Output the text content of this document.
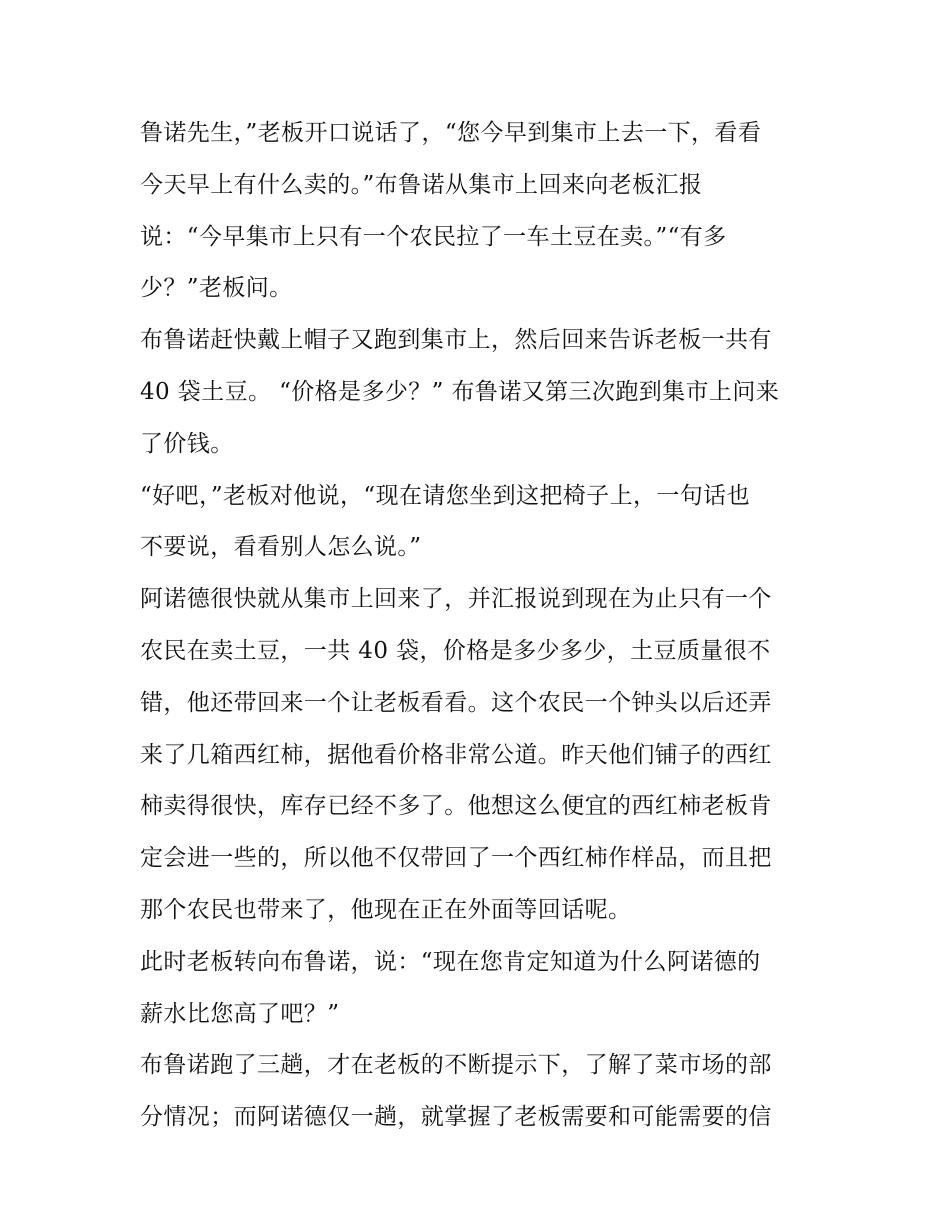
鲁诺先生，”老板开口说话了，“您今早到集市上去一下，看看
今天早上有什么卖的。”布鲁诺从集市上回来向老板汇报
说：“今早集市上只有一个农民拉了一车土豆在卖。”“有多
少？”老板问。
布鲁诺赶快戴上帽子又跑到集市上，然后回来告诉老板一共有
40 袋土豆。 “价格是多少？” 布鲁诺又第三次跑到集市上问来
了价钱。
“好吧，”老板对他说，“现在请您坐到这把椅子上，一句话也
不要说，看看别人怎么说。”
阿诺德很快就从集市上回来了，并汇报说到现在为止只有一个
农民在卖土豆，一共 40 袋，价格是多少多少，土豆质量很不
错，他还带回来一个让老板看看。这个农民一个钟头以后还弄
来了几箱西红柿，据他看价格非常公道。昨天他们铺子的西红
柿卖得很快，库存已经不多了。他想这么便宜的西红柿老板肯
定会进一些的，所以他不仅带回了一个西红柿作样品，而且把
那个农民也带来了，他现在正在外面等回话呢。
此时老板转向布鲁诺，说：“现在您肯定知道为什么阿诺德的
薪水比您高了吧？”
布鲁诺跑了三趟，才在老板的不断提示下，了解了菜市场的部
分情况；而阿诺德仅一趟，就掌握了老板需要和可能需要的信
